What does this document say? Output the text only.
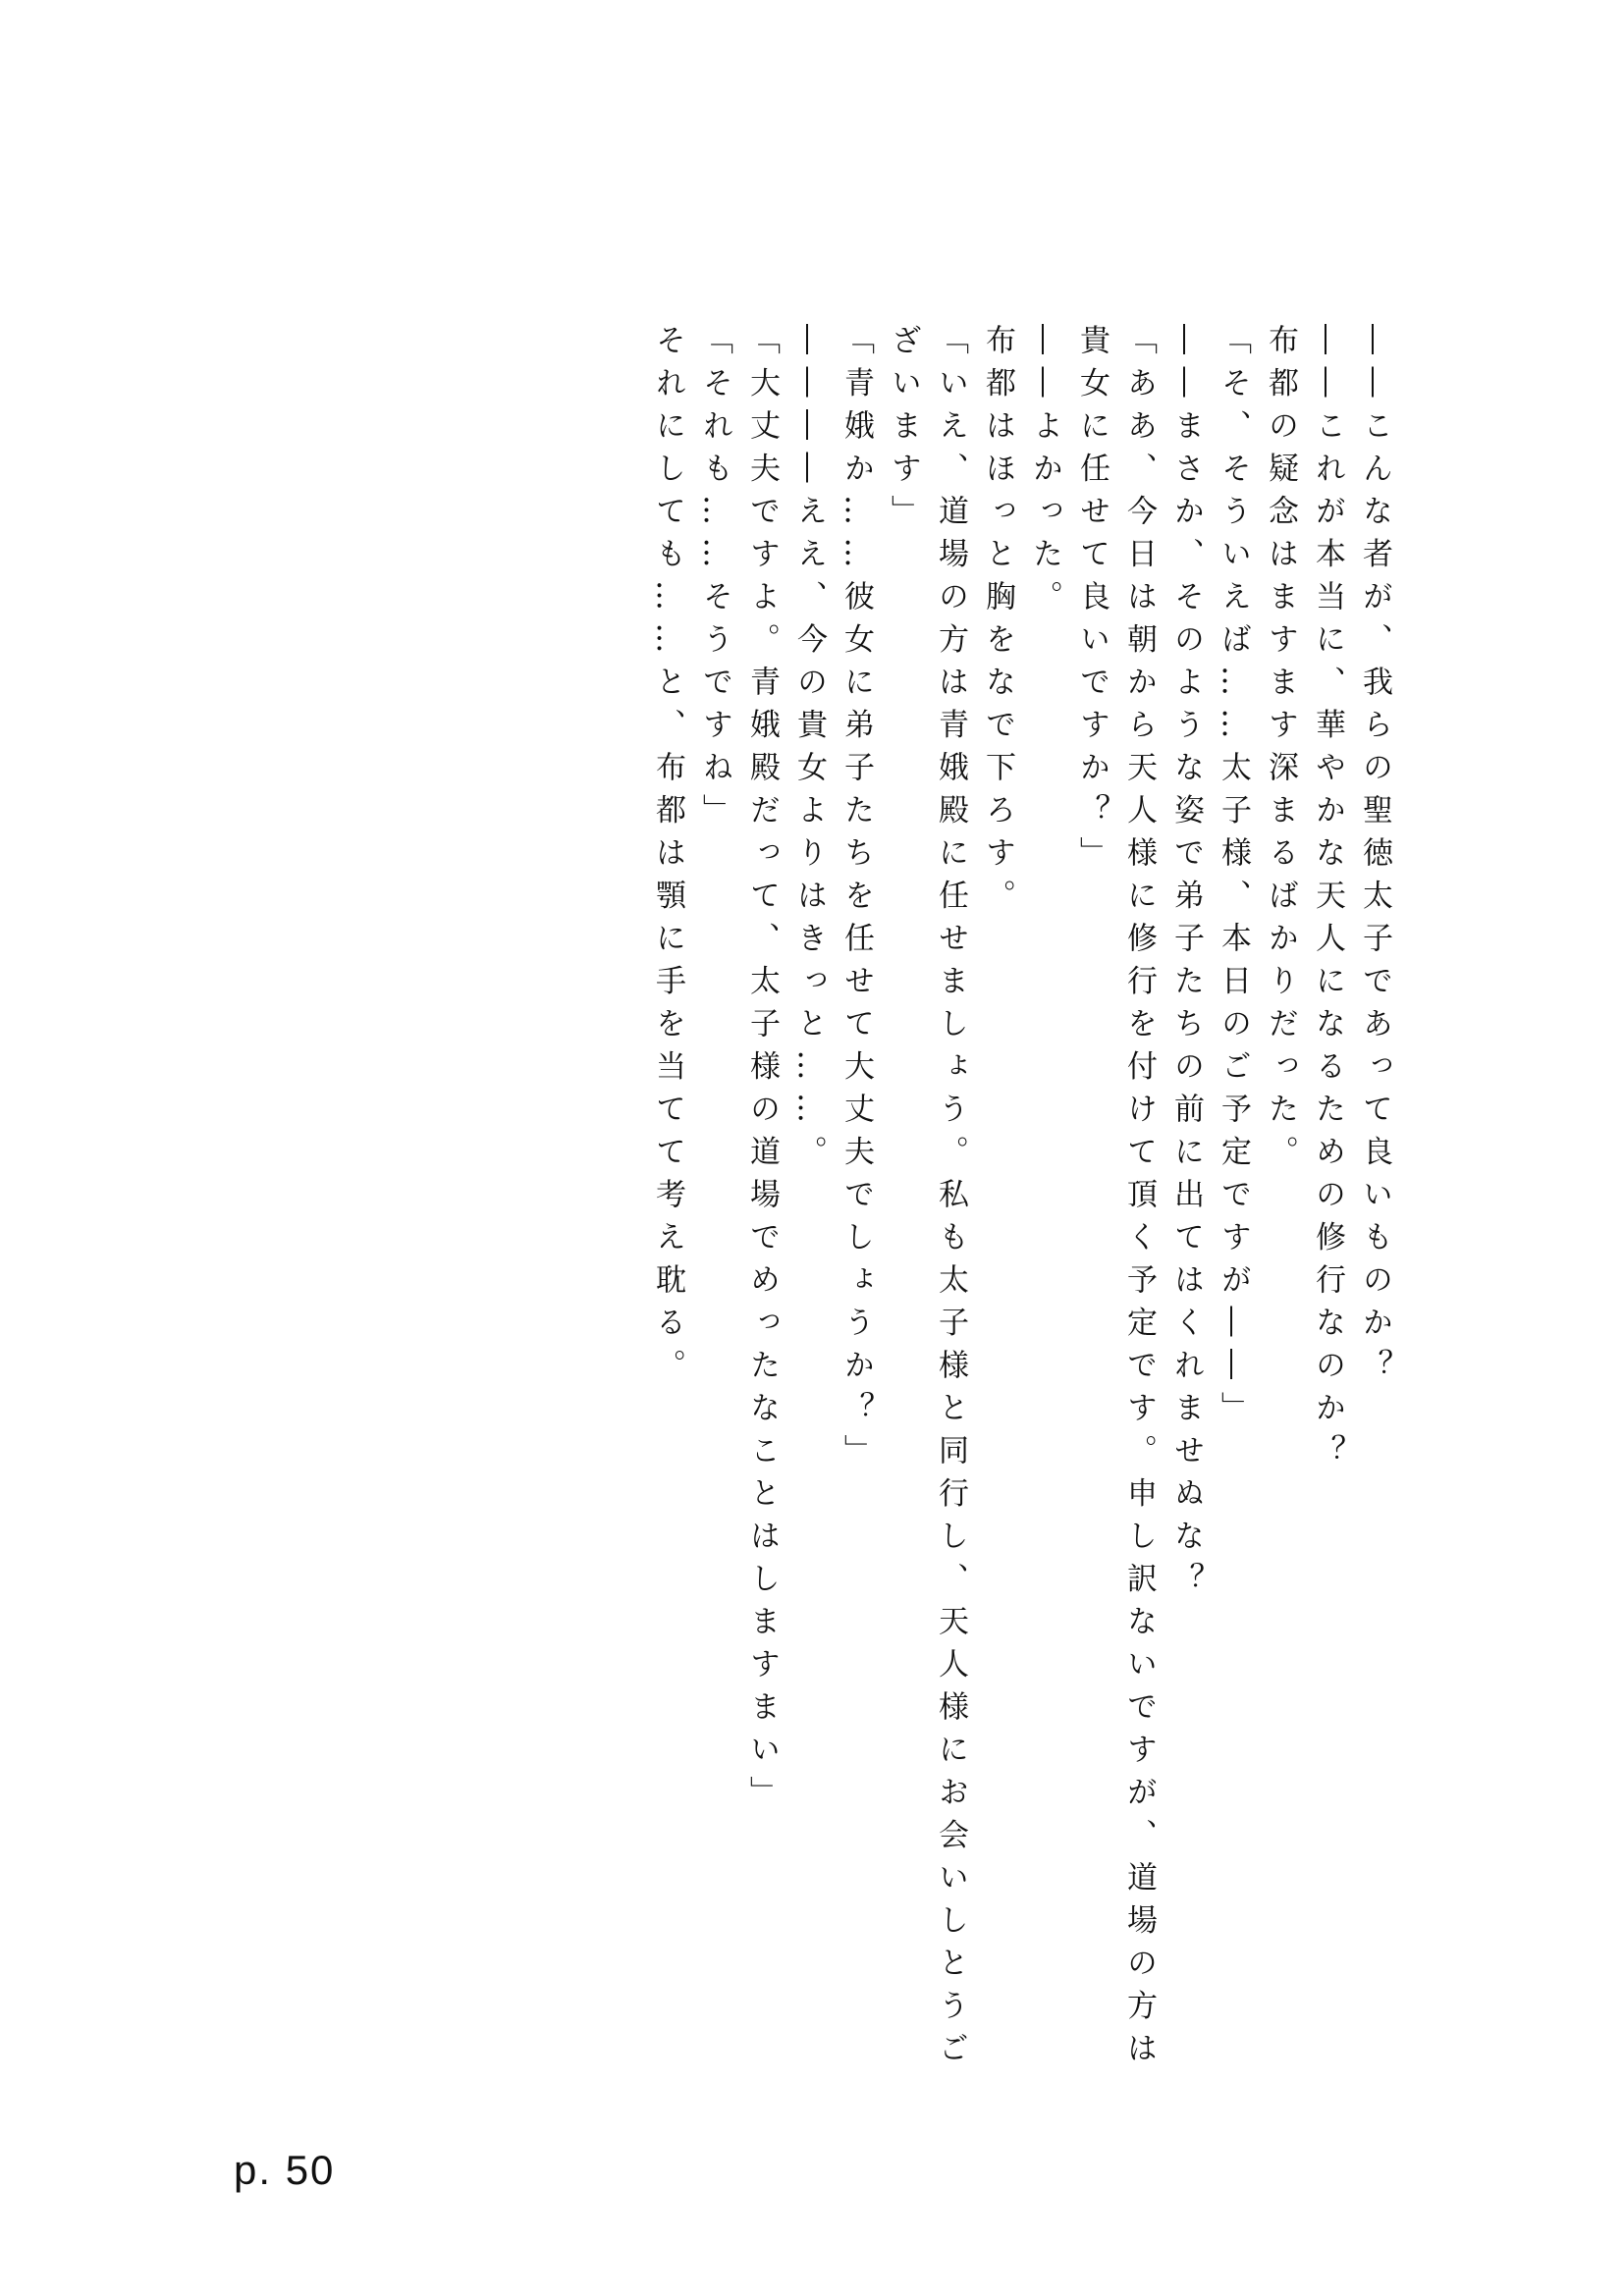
――こんな者が、我らの聖徳太子であって良いものか？

――これが本当に、華やかな天人になるための修行なのか？

布都の疑念はますます深まるばかりだった。

「そ、そういえば……太子様、本日のご予定ですが――」

――まさか、そのような姿で弟子たちの前に出てはくれませぬな？

「ああ、今日は朝から天人様に修行を付けて頂く予定です。申し訳ないですが、道場の方は

貴女に任せて良いですか？」

――よかった。

布都はほっと胸をなで下ろす。

「いえ、道場の方は青娥殿に任せましょう。私も太子様と同行し、天人様にお会いしとうご

ざいます」

「青娥か……彼女に弟子たちを任せて大丈夫でしょうか？」

――――ええ、今の貴女よりはきっと……。

「大丈夫ですよ。青娥殿だって、太子様の道場でめったなことはしますまい」

「それも……そうですね」

それにしても……と、布都は顎に手を当てて考え耽る。

p. 50
